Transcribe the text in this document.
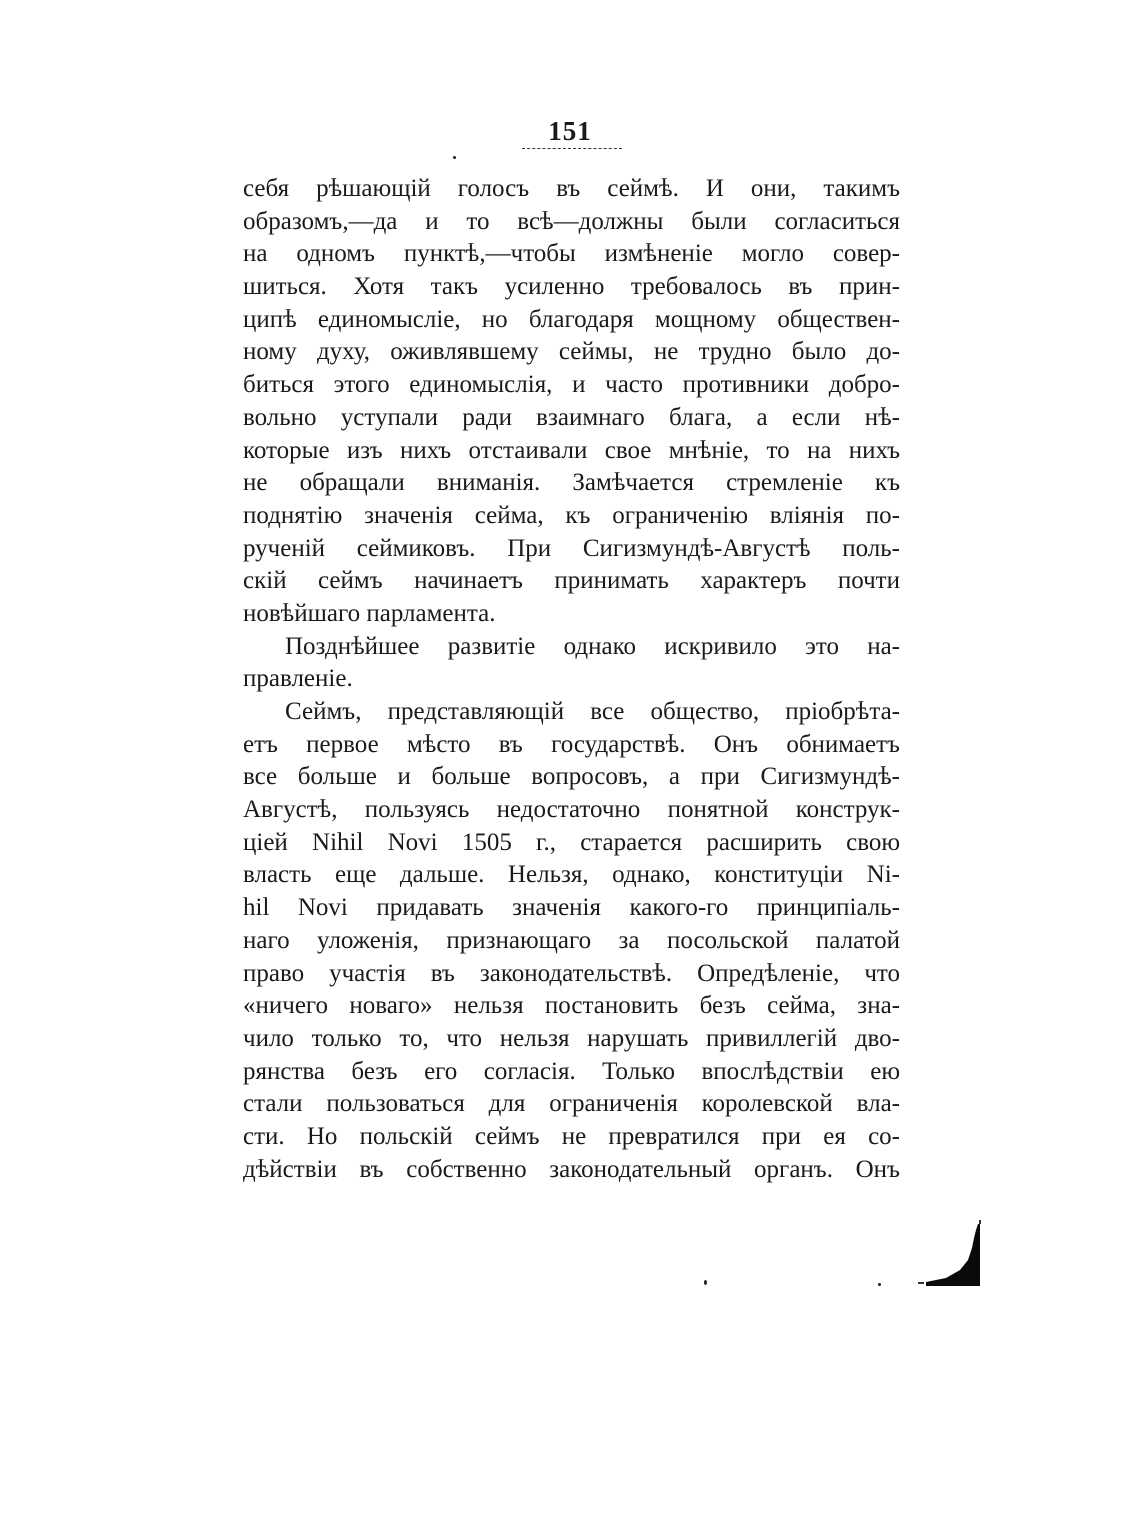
151
себя рѣшающій голосъ въ сеймѣ. И они, такимъ
образомъ,—да и то всѣ—должны были согласиться
на одномъ пунктѣ,—чтобы измѣненіе могло совер-
шиться. Хотя такъ усиленно требовалось въ прин-
ципѣ единомысліе, но благодаря мощному обществен-
ному духу, оживлявшему сеймы, не трудно было до-
биться этого единомыслія, и часто противники добро-
вольно уступали ради взаимнаго блага, а если нѣ-
которые изъ нихъ отстаивали свое мнѣніе, то на нихъ
не обращали вниманія. Замѣчается стремленіе къ
поднятію значенія сейма, къ ограниченію вліянія по-
рученій сеймиковъ. При Сигизмундѣ-Августѣ поль-
скій сеймъ начинаетъ принимать характеръ почти
новѣйшаго парламента.
Позднѣйшее развитіе однако искривило это на-
правленіе.
Сеймъ, представляющій все общество, пріобрѣта-
етъ первое мѣсто въ государствѣ. Онъ обнимаетъ
все больше и больше вопросовъ, а при Сигизмундѣ-
Августѣ, пользуясь недостаточно понятной конструк-
ціей Nihil Novi 1505 г., старается расширить свою
власть еще дальше. Нельзя, однако, конституціи Ni-
hil Novi придавать значенія какого-го принципіаль-
наго уложенія, признающаго за посольской палатой
право участія въ законодательствѣ. Опредѣленіе, что
«ничего новаго» нельзя постановить безъ сейма, зна-
чило только то, что нельзя нарушать привиллегій дво-
рянства безъ его согласія. Только впослѣдствіи ею
стали пользоваться для ограниченія королевской вла-
сти. Но польскій сеймъ не превратился при ея со-
дѣйствіи въ собственно законодательный органъ. Онъ
